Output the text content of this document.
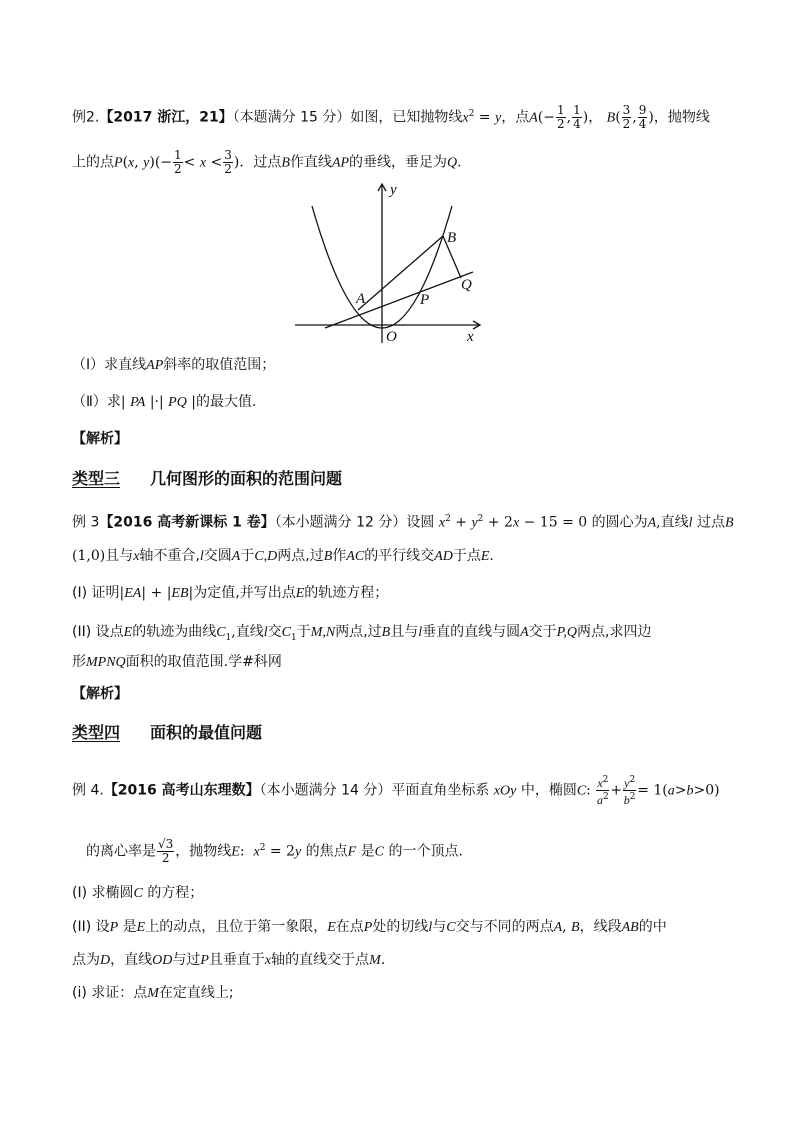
例2.【2017 浙江，21】（本题满分 15 分）如图，已知抛物线$x^2 = y$，点$A(- \frac{1}{2}$ , $\frac{1}{4}$ )， $B( \frac{3}{2}$ , $\frac{9}{4}$ )，抛物线
上的点P(x, $y)(- \frac{1}{2} < x < \frac{3}{2}$ )．过点B作直线AP的垂线，垂足为Q.
y
x
O
A
B
P
Q
（Ⅰ）求直线AP斜率的取值范围；
（Ⅱ）求| PA |·| PQ |的最大值．
【解析】
类型三 几何图形的面积的范围问题
例 3【2016 高考新课标 1 卷】（本小题满分 12 分）设圆 $x^2 + y^2 + 2x - 15 = 0$ 的圆心为A,直线l 过点B
(1,0)且与x轴不重合,l交圆A于C,D两点,过B作AC的平行线交AD于点E.
(I) 证明|EA| + |EB|为定值,并写出点E的轨迹方程；
(II) 设点E的轨迹为曲线$C_1$,直线l交$C_1$于M,N两点,过B且与l垂直的直线与圆A交于P,Q两点,求四边
形MPNQ面积的取值范围.学#科网
【解析】
类型四 面积的最值问题
例 4.【2016 高考山东理数】（本小题满分 14 分）平面直角坐标系 xOy 中，椭圆C: $\frac{x^2}{a^2} + \frac{y^2}{b^2} = 1(a>b>0)$
的离心率是 $\frac{√3}{2}$ ，抛物线E:  $x^2 = 2y$ 的焦点F 是C 的一个顶点.
(I) 求椭圆C 的方程；
(II) 设P 是E上的动点，且位于第一象限，E在点P处的切线l与C交与不同的两点A, B，线段AB的中
点为D，直线OD与过P且垂直于x轴的直线交于点M.
(i) 求证：点M在定直线上;
